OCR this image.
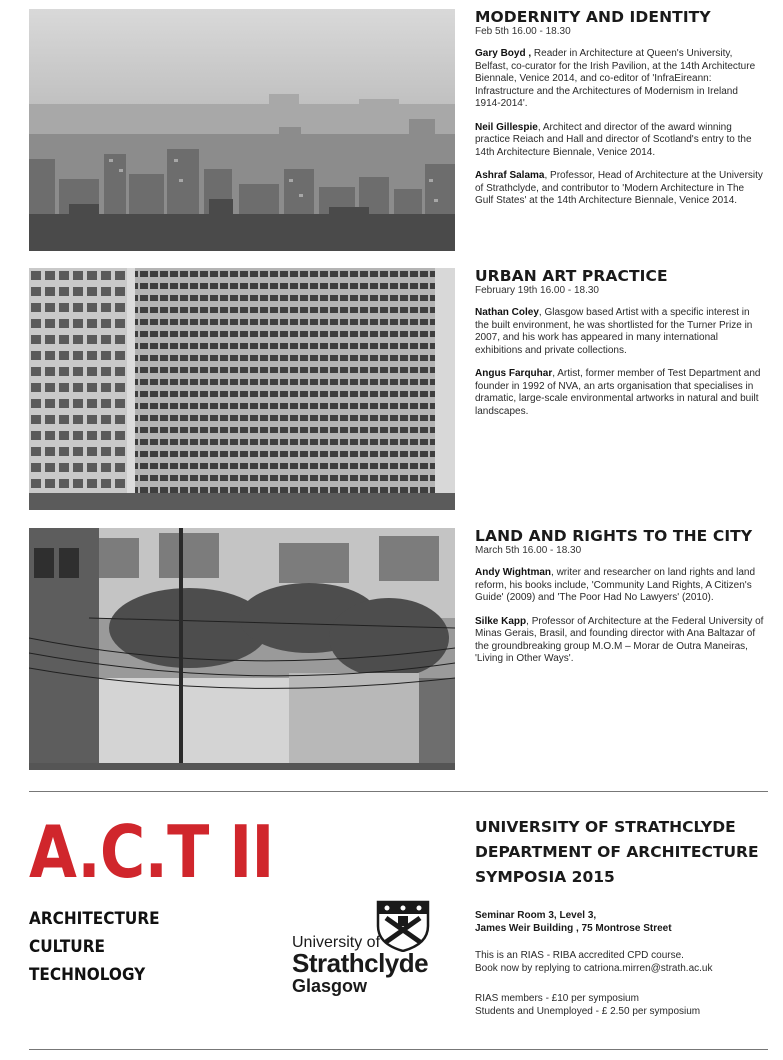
MODERNITY AND IDENTITY

Feb 5th 16.00 - 18.30

Gary Boyd , Reader in Architecture at Queen's University, Belfast, co-curator for the Irish Pavilion, at the 14th Architecture Biennale, Venice 2014, and co-editor of 'InfraEireann: Infrastructure and the Architectures of Modernism in Ireland 1914-2014'.

Neil Gillespie, Architect and director of the award winning practice Reiach and Hall and director of Scotland's entry to the 14th Architecture Biennale, Venice 2014.

Ashraf Salama, Professor, Head of Architecture at the University of Strathclyde, and contributor to 'Modern Architecture in The Gulf States' at the 14th Architecture Biennale, Venice 2014.

URBAN ART PRACTICE

February 19th 16.00 - 18.30

Nathan Coley, Glasgow based Artist with a specific interest in the built environment, he was shortlisted for the Turner Prize in 2007, and his work has appeared in many international exhibitions and private collections.

Angus Farquhar, Artist, former member of Test Department and founder in 1992 of NVA, an arts organisation that specialises in dramatic, large-scale environmental artworks in natural and built landscapes.

LAND AND RIGHTS TO THE CITY

March 5th 16.00 - 18.30

Andy Wightman, writer and researcher on land rights and land reform, his books include, 'Community Land Rights, A Citizen's Guide' (2009) and 'The Poor Had No Lawyers' (2010).

Silke Kapp, Professor of Architecture at the Federal University of Minas Gerais, Brasil, and founding director with Ana Baltazar of the groundbreaking group M.O.M – Morar de Outra Maneiras, 'Living in Other Ways'.

A.C.T II
ARCHITECTURE
CULTURE
TECHNOLOGY
University of
Strathclyde
Glasgow
UNIVERSITY OF STRATHCLYDE
DEPARTMENT OF ARCHITECTURE
SYMPOSIA 2015
Seminar Room 3, Level 3,
James Weir Building , 75 Montrose Street
This is an RIAS - RIBA accredited CPD course.
Book now by replying to catriona.mirren@strath.ac.uk
RIAS members - £10 per symposium
Students and Unemployed - £ 2.50 per symposium
